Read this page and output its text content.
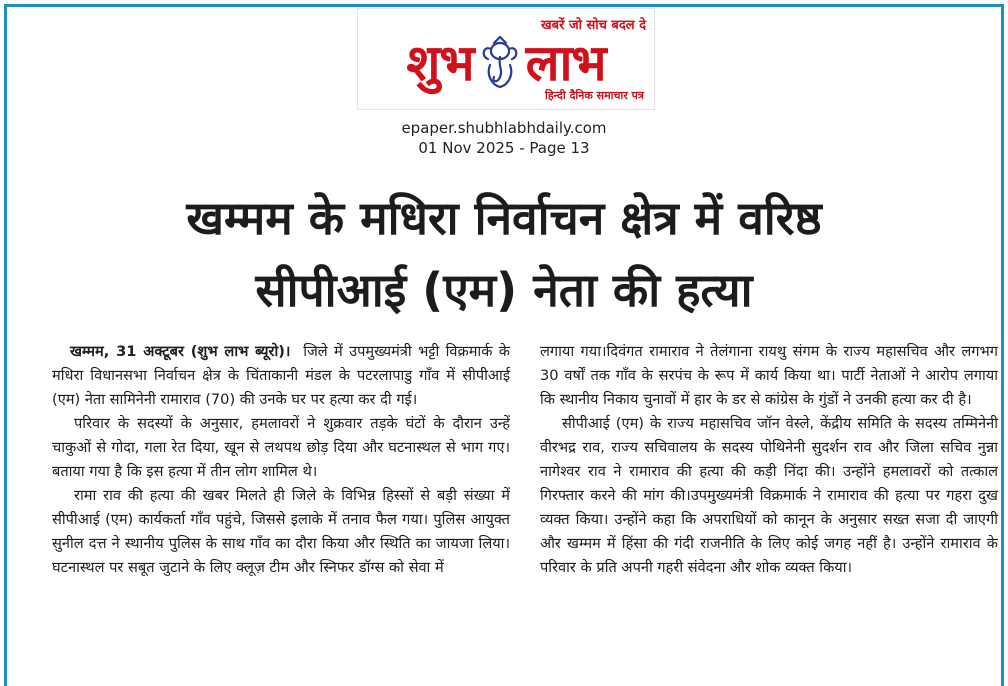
खबरें जो सोच बदल दे
शुभ लाभ
हिन्दी दैनिक समाचार पत्र
epaper.shubhlabhdaily.com
01 Nov 2025 - Page 13
खम्मम के मधिरा निर्वाचन क्षेत्र में वरिष्ठ
सीपीआई (एम) नेता की हत्या

खम्मम, 31 अक्टूबर (शुभ लाभ ब्यूरो)। जिले में उपमुख्यमंत्री भट्टी विक्रमार्क के मधिरा विधानसभा निर्वाचन क्षेत्र के चिंताकानी मंडल के पटरलापाडु गाँव में सीपीआई (एम) नेता सामिनेनी रामाराव (70) की उनके घर पर हत्या कर दी गई।

परिवार के सदस्यों के अनुसार, हमलावरों ने शुक्रवार तड़के घंटों के दौरान उन्हें चाकुओं से गोदा, गला रेत दिया, खून से लथपथ छोड़ दिया और घटनास्थल से भाग गए। बताया गया है कि इस हत्या में तीन लोग शामिल थे।

रामा राव की हत्या की खबर मिलते ही जिले के विभिन्न हिस्सों से बड़ी संख्या में सीपीआई (एम) कार्यकर्ता गाँव पहुंचे, जिससे इलाके में तनाव फैल गया। पुलिस आयुक्त सुनील दत्त ने स्थानीय पुलिस के साथ गाँव का दौरा किया और स्थिति का जायजा लिया। घटनास्थल पर सबूत जुटाने के लिए क्लूज़ टीम और स्निफर डॉग्स को सेवा में

लगाया गया।दिवंगत रामाराव ने तेलंगाना रायथु संगम के राज्य महासचिव और लगभग 30 वर्षों तक गाँव के सरपंच के रूप में कार्य किया था। पार्टी नेताओं ने आरोप लगाया कि स्थानीय निकाय चुनावों में हार के डर से कांग्रेस के गुंडों ने उनकी हत्या कर दी है।

सीपीआई (एम) के राज्य महासचिव जॉन वेस्ले, केंद्रीय समिति के सदस्य तम्मिनेनी वीरभद्र राव, राज्य सचिवालय के सदस्य पोथिनेनी सुदर्शन राव और जिला सचिव नुन्ना नागेश्वर राव ने रामाराव की हत्या की कड़ी निंदा की। उन्होंने हमलावरों को तत्काल गिरफ्तार करने की मांग की।उपमुख्यमंत्री विक्रमार्क ने रामाराव की हत्या पर गहरा दुख व्यक्त किया। उन्होंने कहा कि अपराधियों को कानून के अनुसार सख्त सजा दी जाएगी और खम्मम में हिंसा की गंदी राजनीति के लिए कोई जगह नहीं है। उन्होंने रामाराव के परिवार के प्रति अपनी गहरी संवेदना और शोक व्यक्त किया।
